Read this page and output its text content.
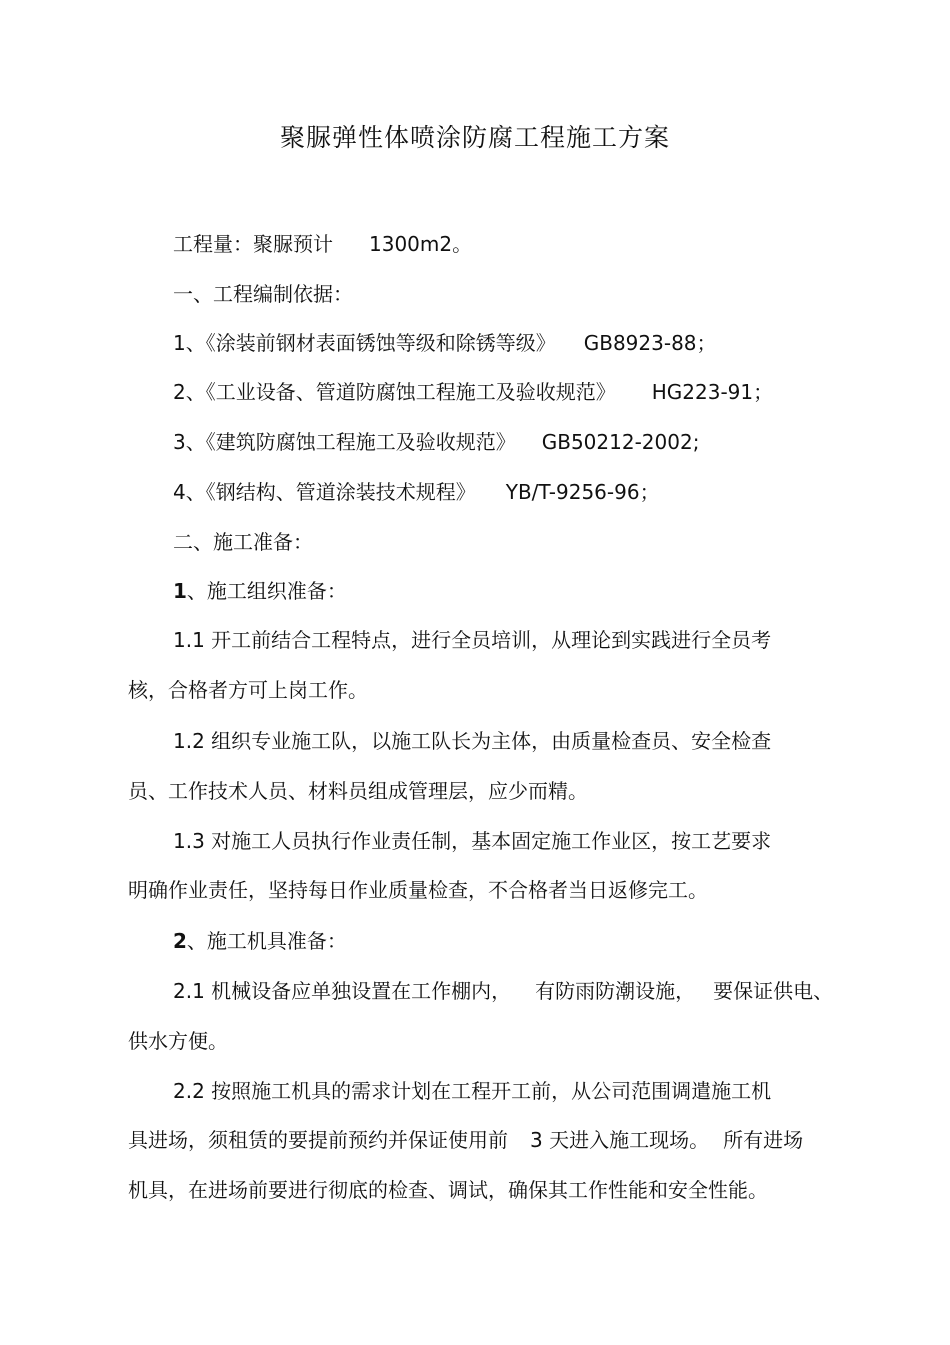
聚脲弹性体喷涂防腐工程施工方案
工程量：聚脲预计 1300m2。
一、工程编制依据：
1、《涂装前钢材表面锈蚀等级和除锈等级》 GB8923-88；
2、《工业设备、管道防腐蚀工程施工及验收规范》 HG223-91；
3、《建筑防腐蚀工程施工及验收规范》 GB50212-2002;
4、《钢结构、管道涂装技术规程》 YB/T-9256-96；
二、施工准备：
1、施工组织准备：
1.1 开工前结合工程特点，进行全员培训，从理论到实践进行全员考
核，合格者方可上岗工作。
1.2 组织专业施工队，以施工队长为主体，由质量检查员、安全检查
员、工作技术人员、材料员组成管理层，应少而精。
1.3 对施工人员执行作业责任制，基本固定施工作业区，按工艺要求
明确作业责任，坚持每日作业质量检查，不合格者当日返修完工。
2、施工机具准备：
2.1 机械设备应单独设置在工作棚内， 有防雨防潮设施， 要保证供电、
供水方便。
2.2 按照施工机具的需求计划在工程开工前，从公司范围调遣施工机
具进场，须租赁的要提前预约并保证使用前 3 天进入施工现场。 所有进场
机具，在进场前要进行彻底的检查、调试，确保其工作性能和安全性能。
